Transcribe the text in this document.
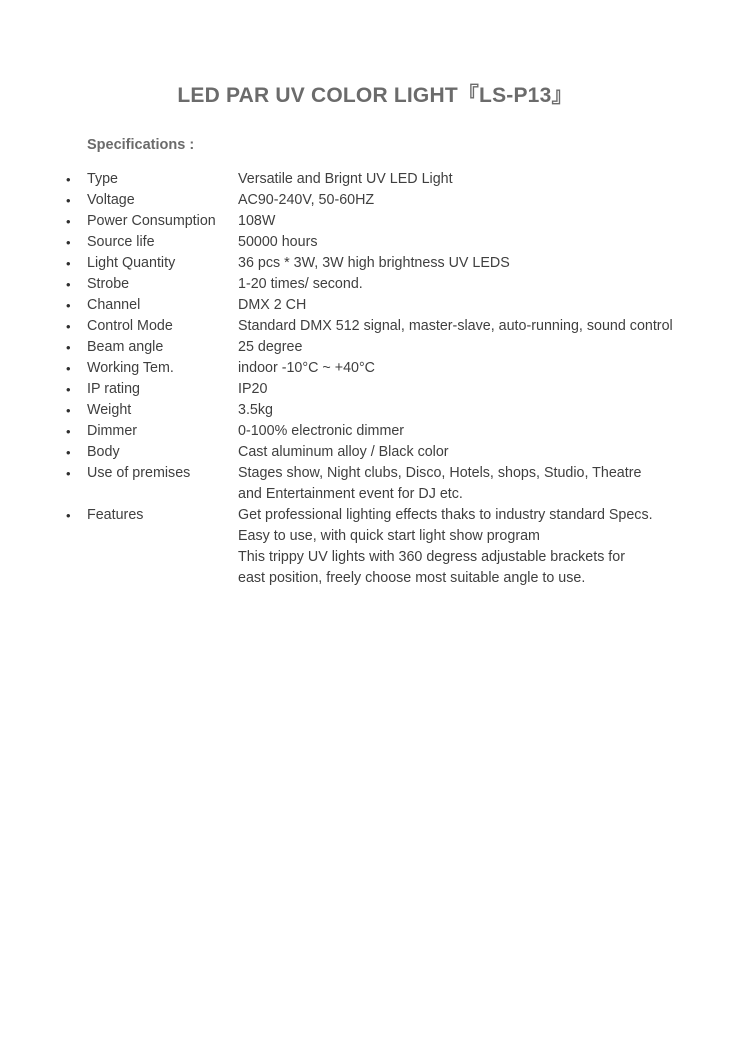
LED PAR UV COLOR LIGHT『LS-P13』
Specifications :
• Type	Versatile and Brignt UV LED Light
• Voltage	AC90-240V, 50-60HZ
• Power Consumption 108W
• Source life	50000 hours
• Light Quantity	36 pcs * 3W, 3W high brightness UV LEDS
• Strobe	1-20 times/ second.
• Channel	DMX 2 CH
• Control Mode	Standard DMX 512 signal, master-slave, auto-running, sound control
• Beam angle	25 degree
• Working Tem.	indoor -10°C ~ +40°C
• IP rating	IP20
• Weight	3.5kg
• Dimmer	0-100% electronic dimmer
• Body	Cast aluminum alloy / Black color
• Use of premises	Stages show, Night clubs, Disco, Hotels, shops, Studio, Theatre
and Entertainment event for DJ etc.
• Features	Get professional lighting effects thaks to industry standard Specs.
Easy to use, with quick start light show program
This trippy UV lights with 360 degress adjustable brackets for
east position, freely choose most suitable angle to use.
